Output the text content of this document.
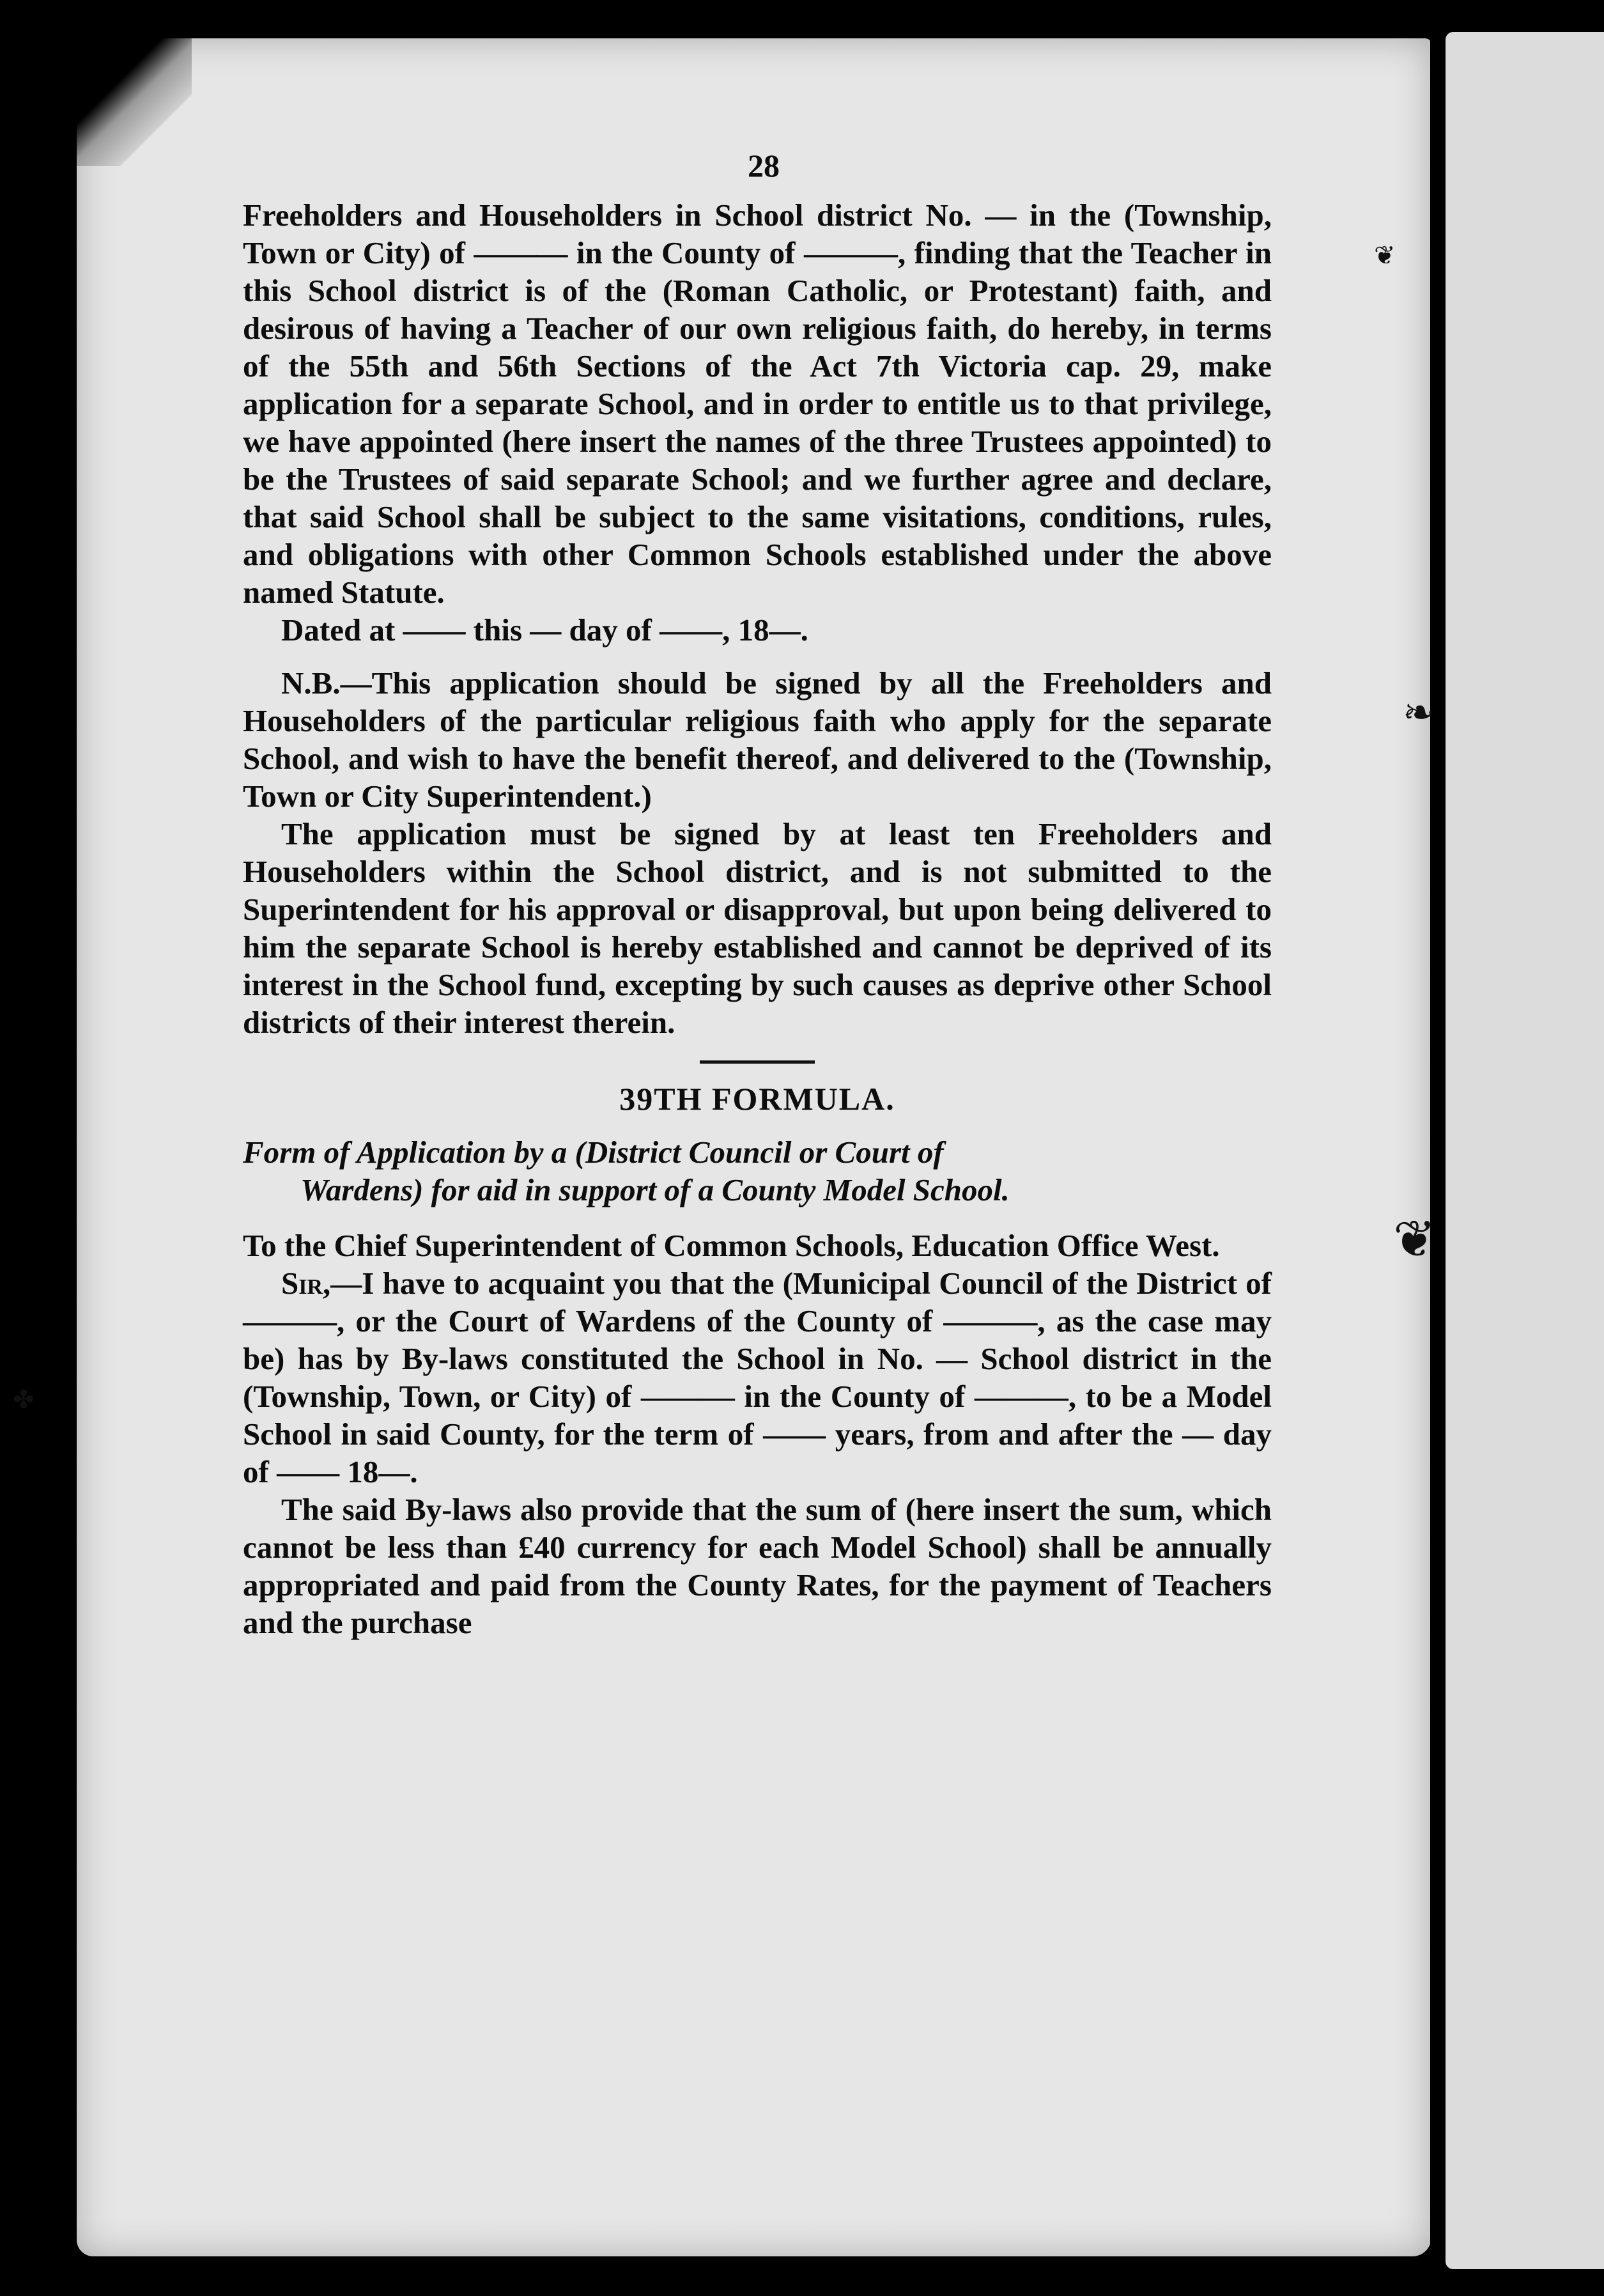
❦
❧
❦
✤
28

Freeholders and Householders in School district No. — in the (Township, Town or City) of ——— in the County of ———, finding that the Teacher in this School district is of the (Roman Catholic, or Protestant) faith, and desirous of having a Teacher of our own religious faith, do hereby, in terms of the 55th and 56th Sections of the Act 7th Victoria cap. 29, make application for a separate School, and in order to entitle us to that privilege, we have appointed (here insert the names of the three Trustees appointed) to be the Trustees of said separate School; and we further agree and declare, that said School shall be subject to the same visitations, conditions, rules, and obligations with other Common Schools established under the above named Statute.

Dated at —— this — day of ——, 18—.

N.B.—This application should be signed by all the Freeholders and Householders of the particular religious faith who apply for the separate School, and wish to have the benefit thereof, and delivered to the (Township, Town or City Superintendent.)

The application must be signed by at least ten Freeholders and Householders within the School district, and is not submitted to the Superintendent for his approval or disapproval, but upon being delivered to him the separate School is hereby established and cannot be deprived of its interest in the School fund, excepting by such causes as deprive other School districts of their interest therein.

39TH FORMULA.
Form of Application by a (District Council or Court of
Wardens) for aid in support of a County Model School.

To the Chief Superintendent of Common Schools, Education Office West.

Sir,—I have to acquaint you that the (Municipal Council of the District of ———, or the Court of Wardens of the County of ———, as the case may be) has by By-laws constituted the School in No. — School district in the (Township, Town, or City) of ——— in the County of ———, to be a Model School in said County, for the term of —— years, from and after the — day of —— 18—.

The said By-laws also provide that the sum of (here insert the sum, which cannot be less than £40 currency for each Model School) shall be annually appropriated and paid from the County Rates, for the payment of Teachers and the purchase
